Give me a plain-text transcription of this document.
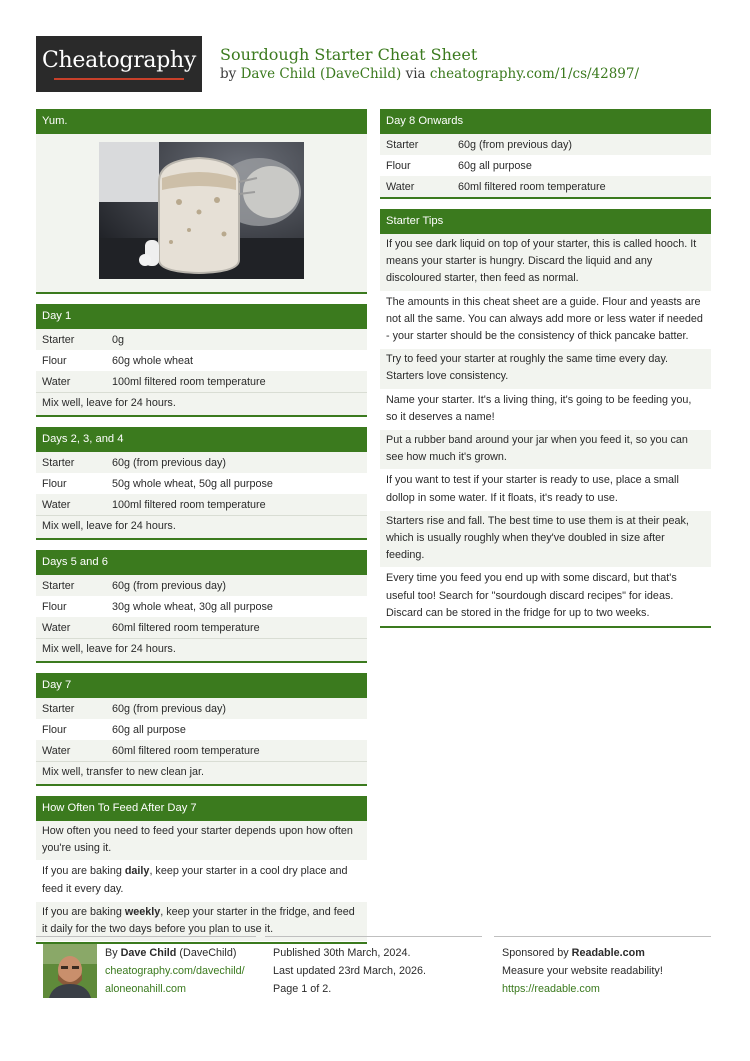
Cheatography	Sourdough Starter Cheat Sheet
by Dave Child (DaveChild) via cheatography.com/1/cs/42897/
Yum.
Day 1
Starter	0g
Flour	60g whole wheat
Water	100ml filtered room temperature
Mix well, leave for 24 hours.
Days 2, 3, and 4
Starter	60g (from previous day)
Flour	50g whole wheat, 50g all purpose
Water	100ml filtered room temperature
Mix well, leave for 24 hours.
Days 5 and 6
Starter	60g (from previous day)
Flour	30g whole wheat, 30g all purpose
Water	60ml filtered room temperature
Mix well, leave for 24 hours.
Day 7
Starter	60g (from previous day)
Flour	60g all purpose
Water	60ml filtered room temperature
Mix well, transfer to new clean jar.
How Often To Feed After Day 7
How often you need to feed your starter depends upon how often you're using it.
If you are baking daily, keep your starter in a cool dry place and feed it every day.
If you are baking weekly, keep your starter in the fridge, and feed it daily for the two days before you plan to use it.
Day 8 Onwards
Starter	60g (from previous day)
Flour	60g all purpose
Water	60ml filtered room temperature
Starter Tips
If you see dark liquid on top of your starter, this is called hooch. It means your starter is hungry. Discard the liquid and any discoloured starter, then feed as normal.
The amounts in this cheat sheet are a guide. Flour and yeasts are not all the same. You can always add more or less water if needed - your starter should be the consistency of thick pancake batter.
Try to feed your starter at roughly the same time every day. Starters love consistency.
Name your starter. It's a living thing, it's going to be feeding you, so it deserves a name!
Put a rubber band around your jar when you feed it, so you can see how much it's grown.
If you want to test if your starter is ready to use, place a small dollop in some water. If it floats, it's ready to use.
Starters rise and fall. The best time to use them is at their peak, which is usually roughly when they've doubled in size after feeding.
Every time you feed you end up with some discard, but that's useful too! Search for "sourdough discard recipes" for ideas. Discard can be stored in the fridge for up to two weeks.
By Dave Child (DaveChild)
cheatography.com/davechild/
aloneonahill.com
Published 30th March, 2024.
Last updated 23rd March, 2026.
Page 1 of 2.
Sponsored by Readable.com
Measure your website readability!
https://readable.com
